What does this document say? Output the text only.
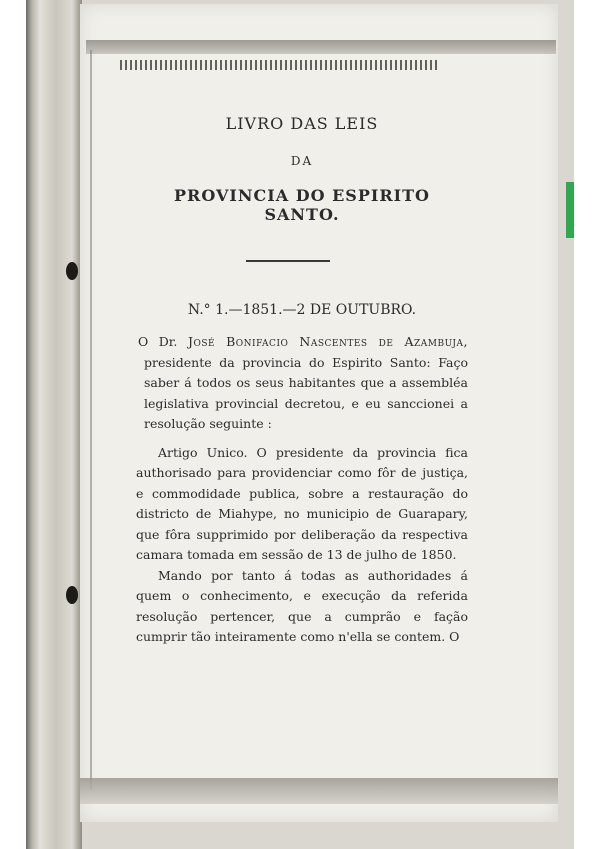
LIVRO DAS LEIS
DA
PROVINCIA DO ESPIRITO SANTO.
N.° 1.—1851.—2 DE OUTUBRO.

O Dr. José Bonifacio Nascentes de Azambuja, presidente da provincia do Espirito Santo: Faço saber á todos os seus habitantes que a assembléa legislativa provincial decretou, e eu sanccionei a resolução seguinte :

Artigo Unico. O presidente da provincia fica authorisado para providenciar como fôr de justiça, e commodidade publica, sobre a restauração do districto de Miahype, no municipio de Guarapary, que fôra supprimido por deliberação da respectiva camara tomada em sessão de 13 de julho de 1850.

Mando por tanto á todas as authoridades á quem o conhecimento, e execução da referida resolução pertencer, que a cumprão e fação cumprir tão inteiramente como n'ella se contem. O
